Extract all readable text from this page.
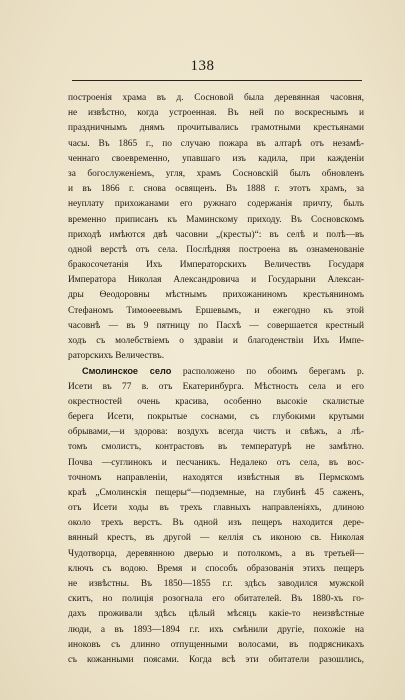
138
построенія храма въ д. Сосновой была деревянная часовня,
не извѣстно, когда устроенная. Въ ней по воскреснымъ и
праздничнымъ днямъ прочитывались грамотными крестьянами
часы. Въ 1865 г., по случаю пожара въ алтарѣ отъ незамѣ-
ченнаго своевременно, упавшаго изъ кадила, при кажденіи
за богослуженіемъ, угля, храмъ Сосновскій былъ обновленъ
и въ 1866 г. снова освященъ. Въ 1888 г. этотъ храмъ, за
неуплату прихожанами его ружнаго содержанія причту, былъ
временно приписанъ къ Маминскому приходу. Въ Сосновскомъ
приходѣ имѣются двѣ часовни „(кресты)“: въ селѣ и полѣ—въ
одной верстѣ отъ села. Послѣдняя построена въ ознаменованіе
бракосочетанія Ихъ Императорскихъ Величествъ Государя
Императора Николая Александровича и Государыни Алексан-
дры Ѳеодоровны мѣстнымъ прихожаниномъ крестьяниномъ
Стефаномъ Тимоѳеевымъ Ершевымъ, и ежегодно къ этой
часовнѣ — въ 9 пятницу по Пасхѣ — совершается крестный
ходъ съ молебствіемъ о здравіи и благоденствіи Ихъ Импе-
раторскихъ Величествъ.
Смолинское село расположено по обоимъ берегамъ р.
Исети въ 77 в. отъ Екатеринбурга. Мѣстность села и его
окрестностей очень красива, особенно высокіе скалистые
берега Исети, покрытые соснами, съ глубокими крутыми
обрывами,—и здорова: воздухъ всегда чистъ и свѣжъ, а лѣ-
томъ смолистъ, контрастовъ въ температурѣ не замѣтно.
Почва —суглинокъ и песчаникъ. Недалеко отъ села, въ вос-
точномъ направленіи, находятся извѣстныя въ Пермскомъ
краѣ „Смолинскія пещеры“—подземные, на глубинѣ 45 саженъ,
отъ Исети ходы въ трехъ главныхъ направленіяхъ, длиною
около трехъ верстъ. Въ одной изъ пещеръ находится дере-
вянный крестъ, въ другой — келлія съ иконою св. Николая
Чудотворца, деревянною дверью и потолкомъ, а въ третьей—
ключъ съ водою. Время и способъ образованія этихъ пещеръ
не извѣстны. Въ 1850—1855 г.г. здѣсь заводился мужской
скитъ, но полиція розогнала его обитателей. Въ 1880-хъ го-
дахъ проживали здѣсь цѣлый мѣсяцъ какіе-то неизвѣстные
люди, а въ 1893—1894 г.г. ихъ смѣнили другіе, похожіе на
иноковъ съ длинно отпущенными волосами, въ подрясникахъ
съ кожанными поясами. Когда всѣ эти обитатели разошлись,
